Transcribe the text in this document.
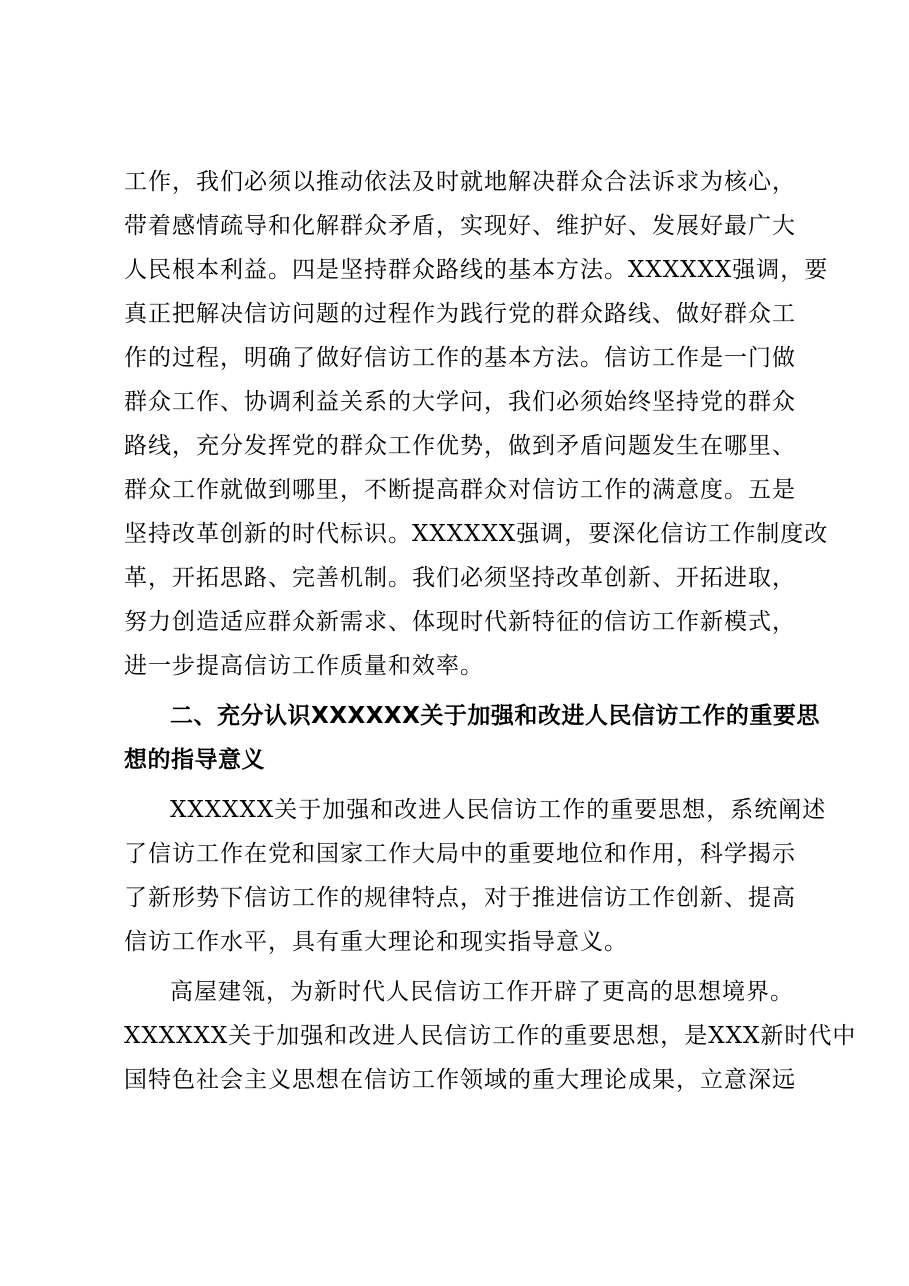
工作，我们必须以推动依法及时就地解决群众合法诉求为核心，
带着感情疏导和化解群众矛盾，实现好、维护好、发展好最广大
人民根本利益。四是坚持群众路线的基本方法。XXXXXX强调，要
真正把解决信访问题的过程作为践行党的群众路线、做好群众工
作的过程，明确了做好信访工作的基本方法。信访工作是一门做
群众工作、协调利益关系的大学问，我们必须始终坚持党的群众
路线，充分发挥党的群众工作优势，做到矛盾问题发生在哪里、
群众工作就做到哪里，不断提高群众对信访工作的满意度。五是
坚持改革创新的时代标识。XXXXXX强调，要深化信访工作制度改
革，开拓思路、完善机制。我们必须坚持改革创新、开拓进取，
努力创造适应群众新需求、体现时代新特征的信访工作新模式，
进一步提高信访工作质量和效率。
二、充分认识XXXXXX关于加强和改进人民信访工作的重要思
想的指导意义
XXXXXX关于加强和改进人民信访工作的重要思想，系统阐述
了信访工作在党和国家工作大局中的重要地位和作用，科学揭示
了新形势下信访工作的规律特点，对于推进信访工作创新、提高
信访工作水平，具有重大理论和现实指导意义。
高屋建瓴，为新时代人民信访工作开辟了更高的思想境界。
XXXXXX关于加强和改进人民信访工作的重要思想，是XXX新时代中
国特色社会主义思想在信访工作领域的重大理论成果，立意深远
